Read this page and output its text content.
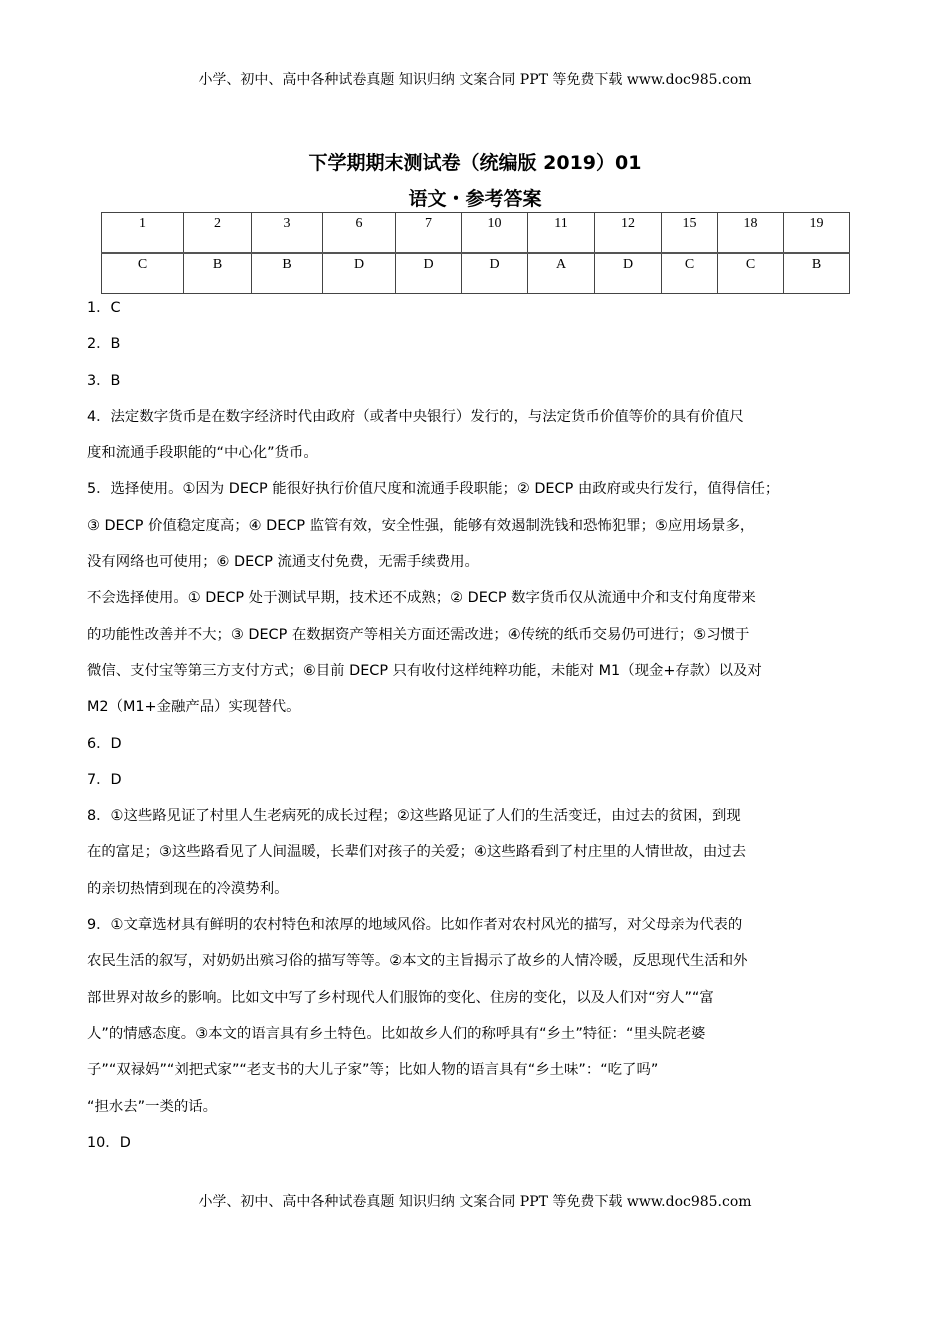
小学、初中、高中各种试卷真题 知识归纳 文案合同 PPT 等免费下载 www.doc985.com
下学期期末测试卷（统编版 2019）01
语文・参考答案
1	2	3	6	7	10	11	12	15	18	19
C	B	B	D	D	D	A	D	C	C	B

1．C

2．B

3．B

4．法定数字货币是在数字经济时代由政府（或者中央银行）发行的，与法定货币价值等价的具有价值尺

度和流通手段职能的“中心化”货币。

5．选择使用。①因为 DECP 能很好执行价值尺度和流通手段职能；② DECP 由政府或央行发行，值得信任；

③ DECP 价值稳定度高；④ DECP 监管有效，安全性强，能够有效遏制洗钱和恐怖犯罪；⑤应用场景多，

没有网络也可使用；⑥ DECP 流通支付免费，无需手续费用。

不会选择使用。① DECP 处于测试早期，技术还不成熟；② DECP 数字货币仅从流通中介和支付角度带来

的功能性改善并不大；③ DECP 在数据资产等相关方面还需改进；④传统的纸币交易仍可进行；⑤习惯于

微信、支付宝等第三方支付方式；⑥目前 DECP 只有收付这样纯粹功能，未能对 M1（现金+存款）以及对

M2（M1+金融产品）实现替代。

6．D

7．D

8．①这些路见证了村里人生老病死的成长过程；②这些路见证了人们的生活变迁，由过去的贫困，到现

在的富足；③这些路看见了人间温暖，长辈们对孩子的关爱；④这些路看到了村庄里的人情世故，由过去

的亲切热情到现在的冷漠势利。

9．①文章选材具有鲜明的农村特色和浓厚的地域风俗。比如作者对农村风光的描写，对父母亲为代表的

农民生活的叙写，对奶奶出殡习俗的描写等等。②本文的主旨揭示了故乡的人情冷暖，反思现代生活和外

部世界对故乡的影响。比如文中写了乡村现代人们服饰的变化、住房的变化，以及人们对“穷人”“富

人”的情感态度。③本文的语言具有乡土特色。比如故乡人们的称呼具有“乡土”特征：“里头院老婆

子”“双禄妈”“刘把式家”“老支书的大儿子家”等；比如人物的语言具有“乡土味”：“吃了吗”

“担水去”一类的话。

10．D

小学、初中、高中各种试卷真题 知识归纳 文案合同 PPT 等免费下载 www.doc985.com
